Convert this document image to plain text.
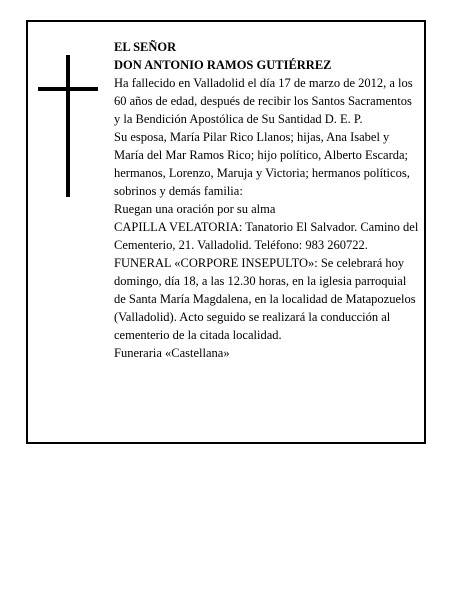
EL SEÑOR

DON ANTONIO RAMOS GUTIÉRREZ

Ha fallecido en Valladolid el día 17 de marzo de 2012, a los 60 años de edad, después de recibir los Santos Sacramentos y la Bendición Apostólica de Su Santidad D. E. P.

Su esposa, María Pilar Rico Llanos; hijas, Ana Isabel y María del Mar Ramos Rico; hijo político, Alberto Escarda; hermanos, Lorenzo, Maruja y Victoria; hermanos políticos, sobrinos y demás familia:

Ruegan una oración por su alma

CAPILLA VELATORIA: Tanatorio El Salvador. Camino del Cementerio, 21. Valladolid. Teléfono: 983 260722.

FUNERAL «CORPORE INSEPULTO»: Se celebrará hoy domingo, día 18, a las 12.30 horas, en la iglesia parroquial de Santa María Magdalena, en la localidad de Matapozuelos (Valladolid). Acto seguido se realizará la conducción al cementerio de la citada localidad.

Funeraria «Castellana»
